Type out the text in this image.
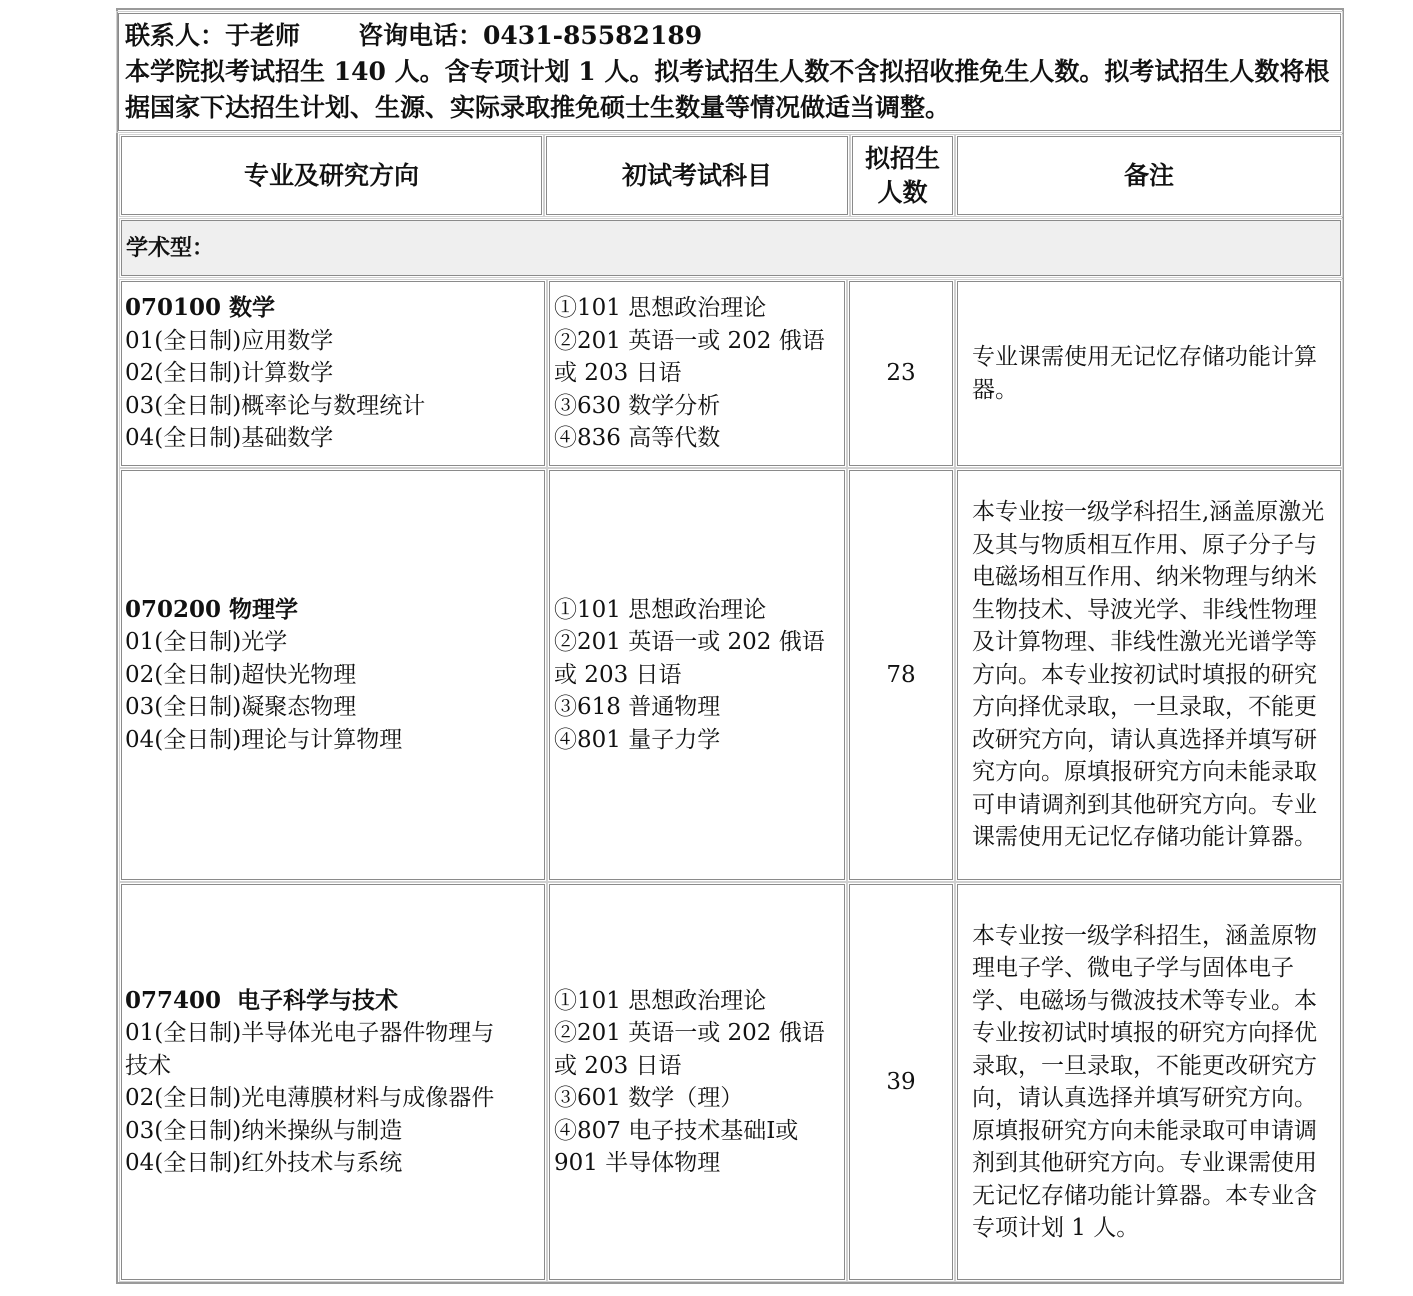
联系人：于老师 咨询电话：0431-85582189
本学院拟考试招生 140 人。含专项计划 1 人。拟考试招生人数不含拟招收推免生人数。拟考试招生人数将根据国家下达招生计划、生源、实际录取推免硕士生数量等情况做适当调整。
专业及研究方向	初试考试科目
拟招生人数
备注
学术型：
070100 数学
01(全日制)应用数学
02(全日制)计算数学
03(全日制)概率论与数理统计
04(全日制)基础数学
①101 思想政治理论
②201 英语一或 202 俄语
或 203 日语
③630 数学分析
④836 高等代数
23
专业课需使用无记忆存储功能计算器。
070200 物理学
01(全日制)光学
02(全日制)超快光物理
03(全日制)凝聚态物理
04(全日制)理论与计算物理
①101 思想政治理论
②201 英语一或 202 俄语
或 203 日语
③618 普通物理
④801 量子力学
78
本专业按一级学科招生,涵盖原激光及其与物质相互作用、原子分子与电磁场相互作用、纳米物理与纳米生物技术、导波光学、非线性物理及计算物理、非线性激光光谱学等方向。本专业按初试时填报的研究方向择优录取，一旦录取，不能更改研究方向，请认真选择并填写研究方向。原填报研究方向未能录取可申请调剂到其他研究方向。专业课需使用无记忆存储功能计算器。
077400  电子科学与技术
01(全日制)半导体光电子器件物理与
技术
02(全日制)光电薄膜材料与成像器件
03(全日制)纳米操纵与制造
04(全日制)红外技术与系统
①101 思想政治理论
②201 英语一或 202 俄语
或 203 日语
③601 数学（理）
④807 电子技术基础Ⅰ或
901 半导体物理
39
本专业按一级学科招生，涵盖原物理电子学、微电子学与固体电子学、电磁场与微波技术等专业。本专业按初试时填报的研究方向择优录取，一旦录取，不能更改研究方向，请认真选择并填写研究方向。原填报研究方向未能录取可申请调剂到其他研究方向。专业课需使用无记忆存储功能计算器。本专业含专项计划 1 人。
